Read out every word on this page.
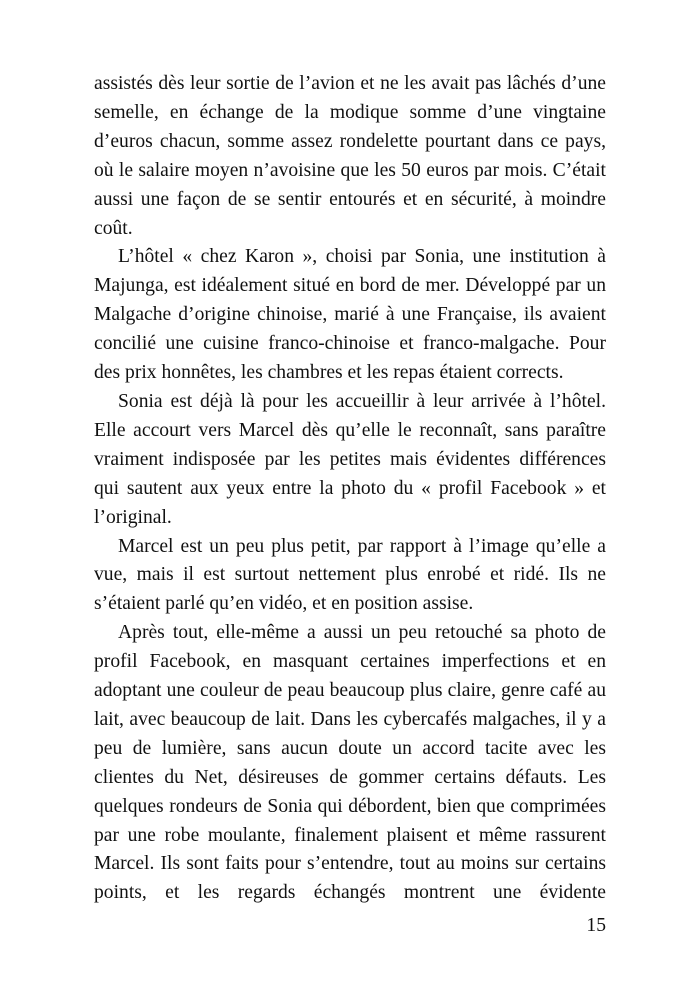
assistés dès leur sortie de l’avion et ne les avait pas lâchés d’une semelle, en échange de la modique somme d’une vingtaine d’euros chacun, somme assez rondelette pourtant dans ce pays, où le salaire moyen n’avoisine que les 50 euros par mois. C’était aussi une façon de se sentir entourés et en sécurité, à moindre coût.

L’hôtel « chez Karon », choisi par Sonia, une institution à Majunga, est idéalement situé en bord de mer. Développé par un Malgache d’origine chinoise, marié à une Française, ils avaient concilié une cuisine franco-chinoise et franco-malgache. Pour des prix honnêtes, les chambres et les repas étaient corrects.

Sonia est déjà là pour les accueillir à leur arrivée à l’hôtel. Elle accourt vers Marcel dès qu’elle le reconnaît, sans paraître vraiment indisposée par les petites mais évidentes différences qui sautent aux yeux entre la photo du « profil Facebook » et l’original.

Marcel est un peu plus petit, par rapport à l’image qu’elle a vue, mais il est surtout nettement plus enrobé et ridé. Ils ne s’étaient parlé qu’en vidéo, et en position assise.

Après tout, elle-même a aussi un peu retouché sa photo de profil Facebook, en masquant certaines imperfections et en adoptant une couleur de peau beaucoup plus claire, genre café au lait, avec beaucoup de lait. Dans les cybercafés malgaches, il y a peu de lumière, sans aucun doute un accord tacite avec les clientes du Net, désireuses de gommer certains défauts. Les quelques rondeurs de Sonia qui débordent, bien que comprimées par une robe moulante, finalement plaisent et même rassurent Marcel. Ils sont faits pour s’entendre, tout au moins sur certains points, et les regards échangés montrent une évidente

15
